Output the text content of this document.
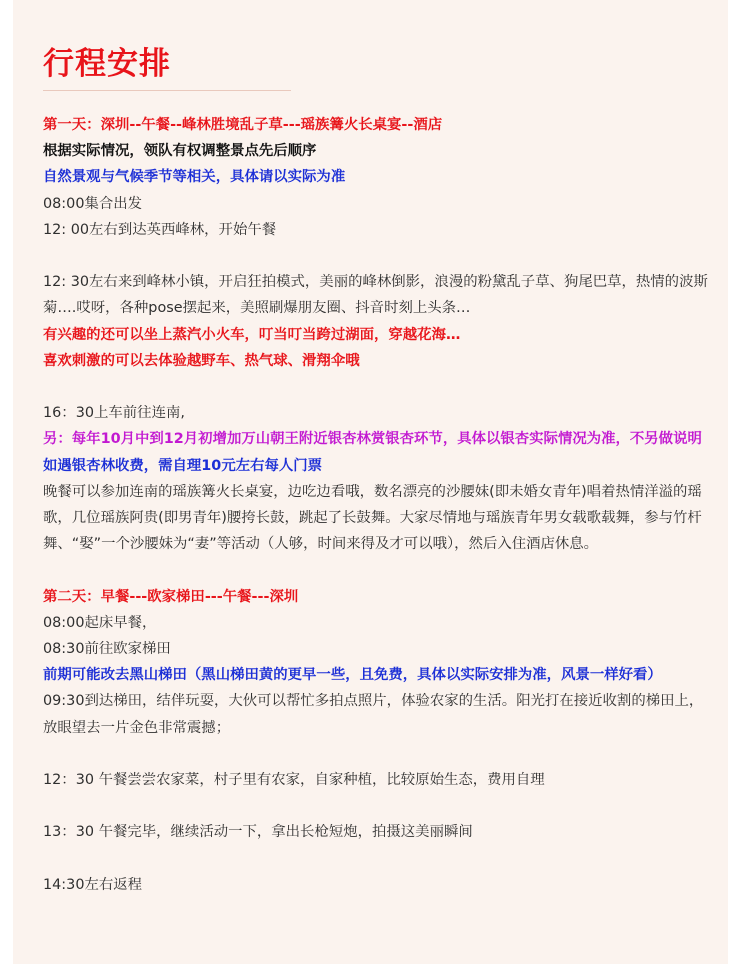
行程安排

第一天：深圳--午餐--峰林胜境乱子草---瑶族篝火长桌宴--酒店

根据实际情况，领队有权调整景点先后顺序

自然景观与气候季节等相关，具体请以实际为准

08:00集合出发

12: 00左右到达英西峰林，开始午餐

12: 30左右来到峰林小镇，开启狂拍模式，美丽的峰林倒影，浪漫的粉黛乱子草、狗尾巴草，热情的波斯菊….哎呀，各种pose摆起来，美照刷爆朋友圈、抖音时刻上头条…

有兴趣的还可以坐上蒸汽小火车，叮当叮当跨过湖面，穿越花海…

喜欢刺激的可以去体验越野车、热气球、滑翔伞哦

16：30上车前往连南,

另：每年10月中到12月初增加万山朝王附近银杏林赏银杏环节，具体以银杏实际情况为准，不另做说明

如遇银杏林收费，需自理10元左右每人门票

晚餐可以参加连南的瑶族篝火长桌宴，边吃边看哦，数名漂亮的沙腰妹(即未婚女青年)唱着热情洋溢的瑶歌，几位瑶族阿贵(即男青年)腰挎长鼓，跳起了长鼓舞。大家尽情地与瑶族青年男女载歌载舞，参与竹杆舞、“娶”一个沙腰妹为“妻”等活动（人够，时间来得及才可以哦），然后入住酒店休息。

第二天：早餐---欧家梯田---午餐---深圳

08:00起床早餐，

08:30前往欧家梯田

前期可能改去黑山梯田（黑山梯田黄的更早一些，且免费，具体以实际安排为准，风景一样好看）

09:30到达梯田，结伴玩耍，大伙可以帮忙多拍点照片，体验农家的生活。阳光打在接近收割的梯田上，放眼望去一片金色非常震撼；

12：30 午餐尝尝农家菜，村子里有农家，自家种植，比较原始生态，费用自理

13：30 午餐完毕，继续活动一下，拿出长枪短炮，拍摄这美丽瞬间

14:30左右返程
